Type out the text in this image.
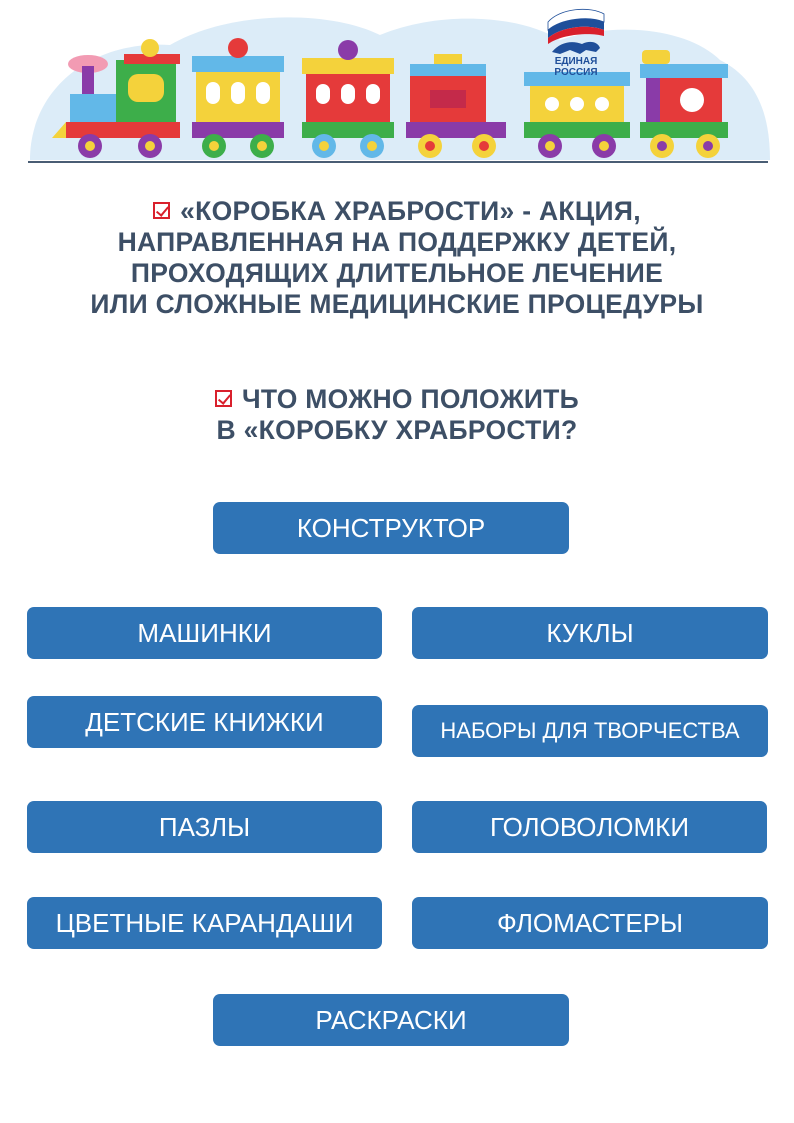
ЕДИНАЯ
РОССИЯ
«КОРОБКА ХРАБРОСТИ» - АКЦИЯ,
НАПРАВЛЕННАЯ НА ПОДДЕРЖКУ ДЕТЕЙ,
ПРОХОДЯЩИХ ДЛИТЕЛЬНОЕ ЛЕЧЕНИЕ
ИЛИ СЛОЖНЫЕ МЕДИЦИНСКИЕ ПРОЦЕДУРЫ
ЧТО МОЖНО ПОЛОЖИТЬ
В «КОРОБКУ ХРАБРОСТИ?
КОНСТРУКТОР
МАШИНКИ	КУКЛЫ
ДЕТСКИЕ КНИЖКИ	НАБОРЫ ДЛЯ ТВОРЧЕСТВА
ПАЗЛЫ	ГОЛОВОЛОМКИ
ЦВЕТНЫЕ КАРАНДАШИ	ФЛОМАСТЕРЫ
РАСКРАСКИ
